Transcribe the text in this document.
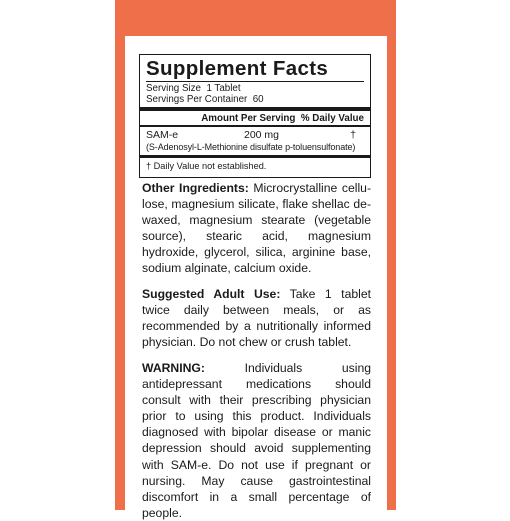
Supplement Facts
Serving Size  1 Tablet
Servings Per Container  60
Amount Per Serving  % Daily Value
SAM-e	200 mg	†
(S-Adenosyl-L-Methionine disulfate p-toluensulfonate)
† Daily Value not established.
Other Ingredients: Microcrystalline cellulose, magnesium silicate, flake shellac dewaxed, magnesium stearate (vegetable source), stearic acid, magnesium hydroxide, glycerol, silica, arginine base, sodium alginate, calcium oxide.
Suggested Adult Use: Take 1 tablet twice daily between meals, or as recommended by a nutritionally informed physician. Do not chew or crush tablet.
WARNING: Individuals using antidepressant medications should consult with their prescribing physician prior to using this product. Individuals diagnosed with bipolar disease or manic depression should avoid supplementing with SAM-e. Do not use if pregnant or nursing. May cause gastrointestinal discomfort in a small percentage of people.
